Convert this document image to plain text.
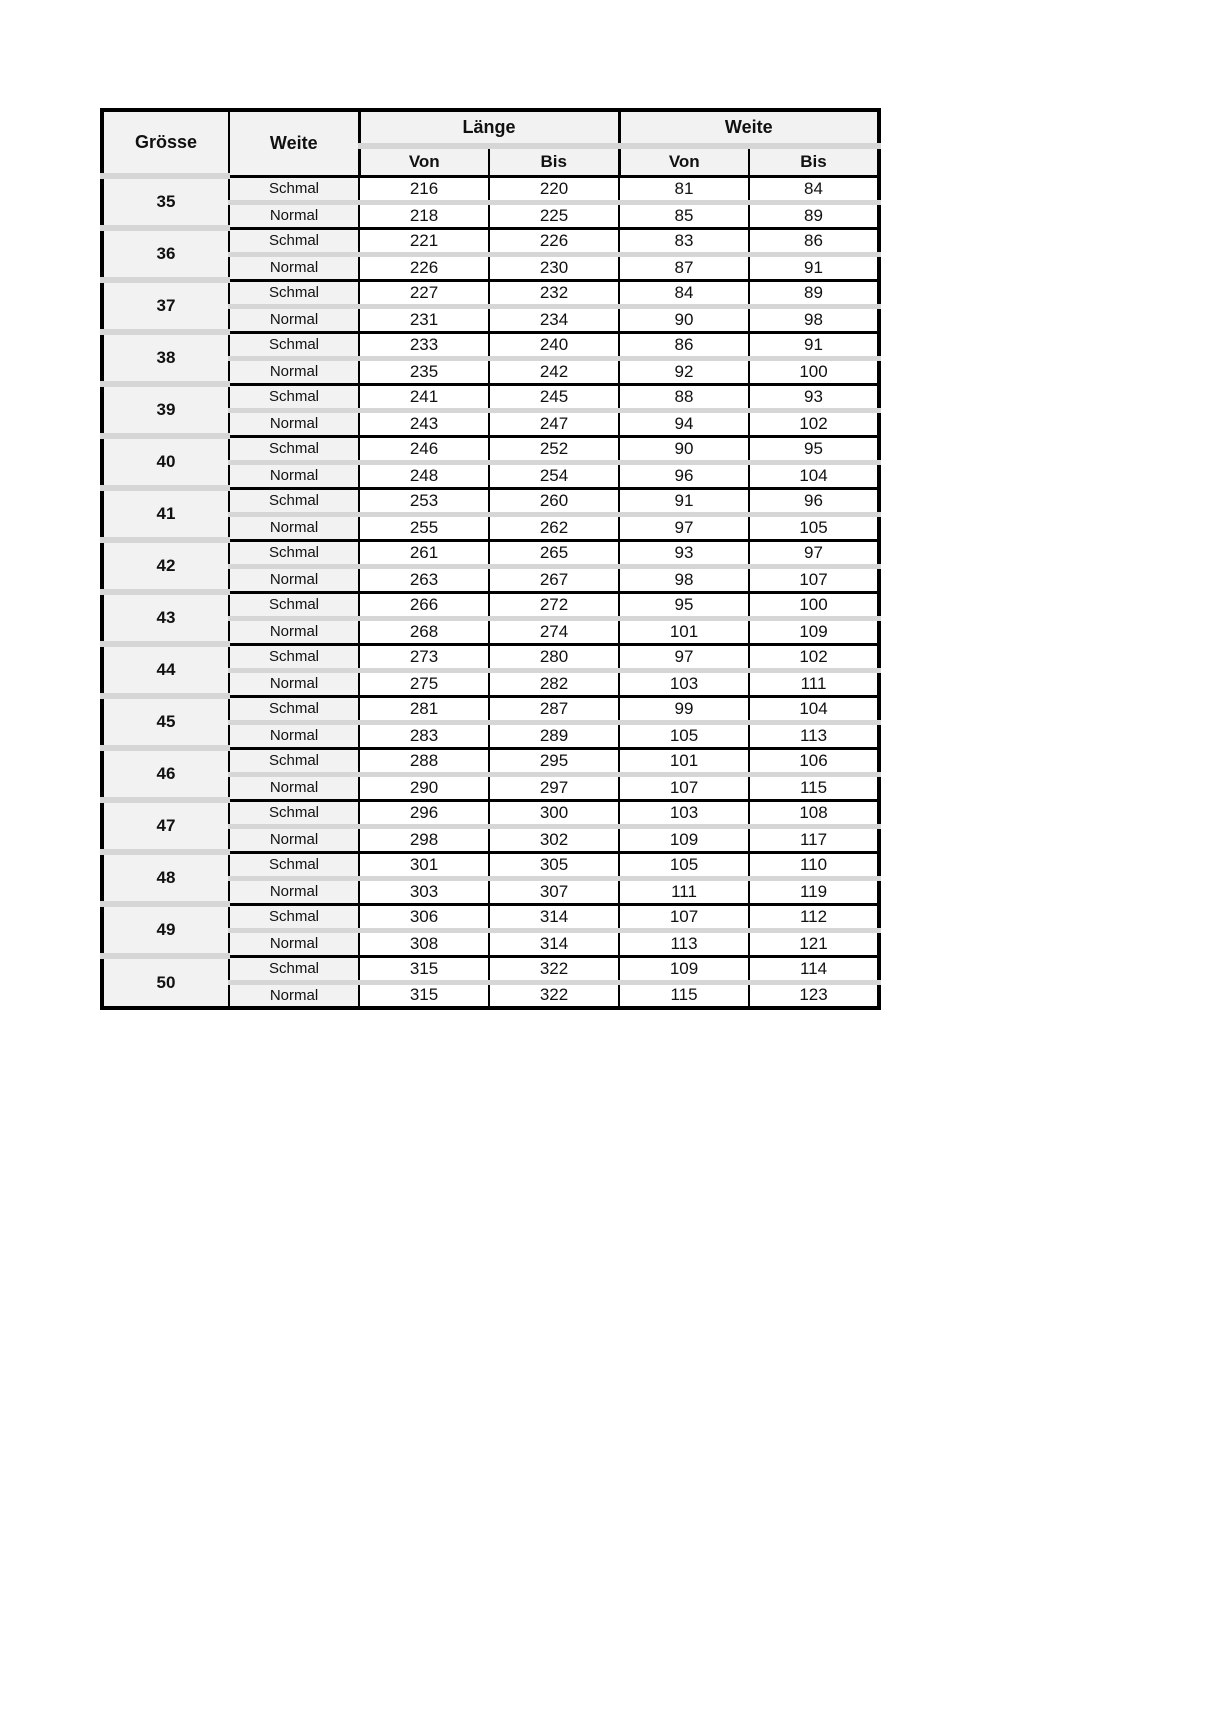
Grösse	Weite	Länge		Weite	
		Von	Bis	Von	Bis
35	Schmal	216	220	81	84
	Normal	218	225	85	89
36	Schmal	221	226	83	86
	Normal	226	230	87	91
37	Schmal	227	232	84	89
	Normal	231	234	90	98
38	Schmal	233	240	86	91
	Normal	235	242	92	100
39	Schmal	241	245	88	93
	Normal	243	247	94	102
40	Schmal	246	252	90	95
	Normal	248	254	96	104
41	Schmal	253	260	91	96
	Normal	255	262	97	105
42	Schmal	261	265	93	97
	Normal	263	267	98	107
43	Schmal	266	272	95	100
	Normal	268	274	101	109
44	Schmal	273	280	97	102
	Normal	275	282	103	111
45	Schmal	281	287	99	104
	Normal	283	289	105	113
46	Schmal	288	295	101	106
	Normal	290	297	107	115
47	Schmal	296	300	103	108
	Normal	298	302	109	117
48	Schmal	301	305	105	110
	Normal	303	307	111	119
49	Schmal	306	314	107	112
	Normal	308	314	113	121
50	Schmal	315	322	109	114
	Normal	315	322	115	123
